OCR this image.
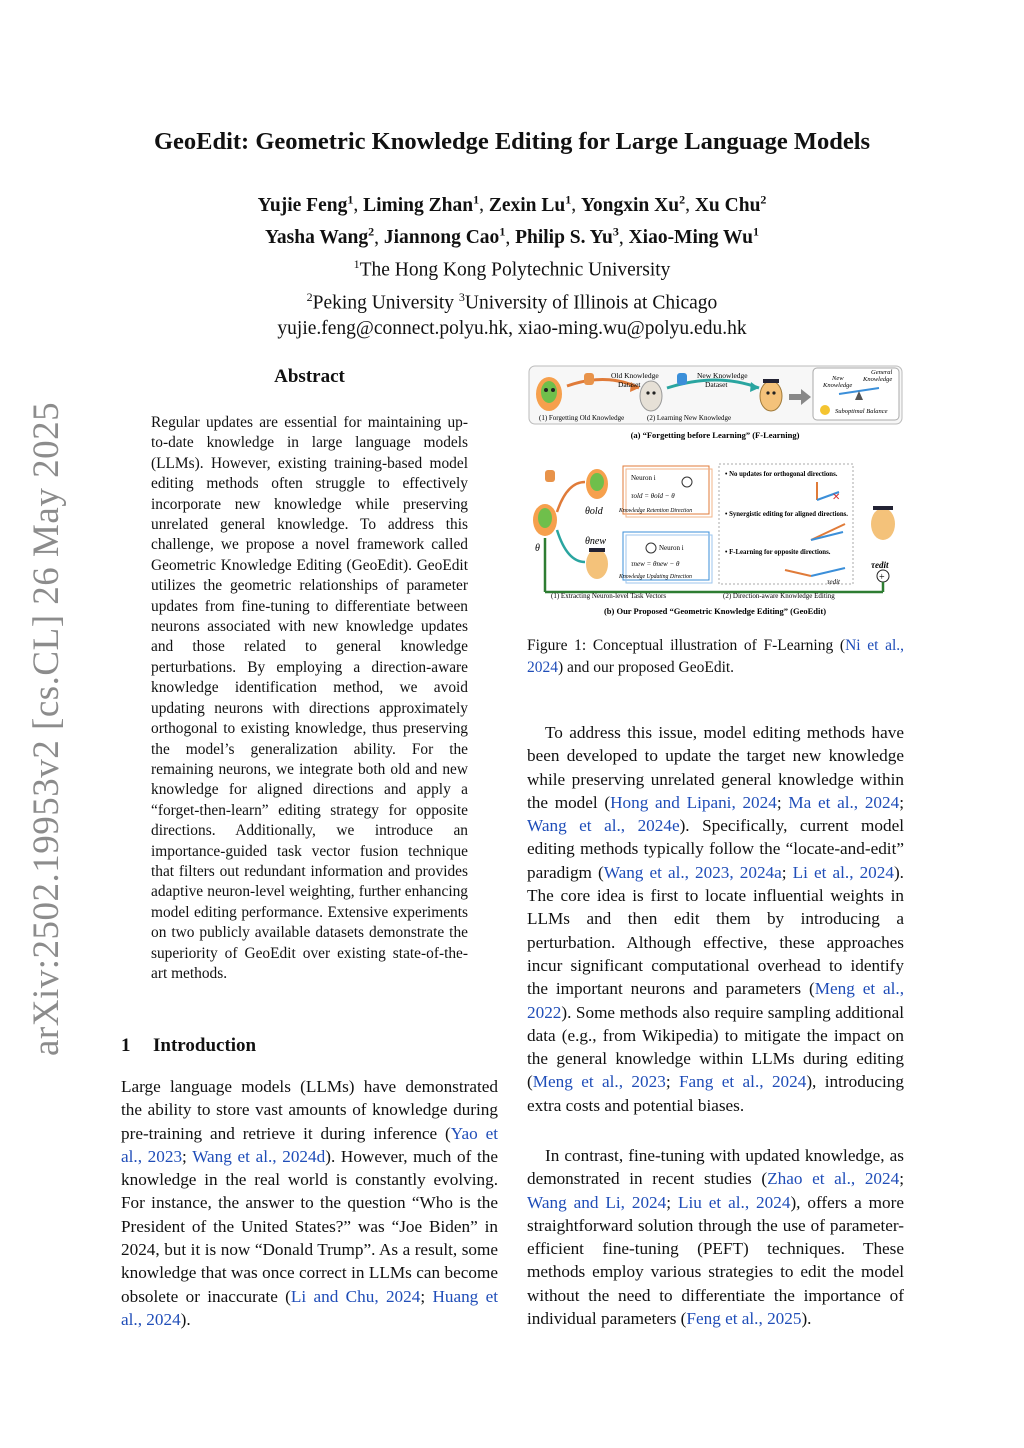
arXiv:2502.19953v2 [cs.CL] 26 May 2025
GeoEdit: Geometric Knowledge Editing for Large Language Models
Yujie Feng$^1$, Liming Zhan$^1$, Zexin Lu$^1$, Yongxin Xu$^2$, Xu Chu$^2$
Yasha Wang$^2$, Jiannong Cao$^1$, Philip S. Yu$^3$, Xiao-Ming Wu$^1$
$^1$The Hong Kong Polytechnic University
$^2$Peking University $^3$University of Illinois at Chicago
yujie.feng@connect.polyu.hk, xiao-ming.wu@polyu.edu.hk
Abstract
Regular updates are essential for maintaining up-to-date knowledge in large language models (LLMs). However, existing training-based model editing methods often struggle to effectively incorporate new knowledge while preserving unrelated general knowledge. To address this challenge, we propose a novel framework called Geometric Knowledge Editing (GeoEdit). GeoEdit utilizes the geometric relationships of parameter updates from fine-tuning to differentiate between neurons associated with new knowledge updates and those related to general knowledge perturbations. By employing a direction-aware knowledge identification method, we avoid updating neurons with directions approximately orthogonal to existing knowledge, thus preserving the model’s generalization ability. For the remaining neurons, we integrate both old and new knowledge for aligned directions and apply a “forget-then-learn” editing strategy for opposite directions. Additionally, we introduce an importance-guided task vector fusion technique that filters out redundant information and provides adaptive neuron-level weighting, further enhancing model editing performance. Extensive experiments on two publicly available datasets demonstrate the superiority of GeoEdit over existing state-of-the-art methods.
1 Introduction

Large language models (LLMs) have demonstrated the ability to store vast amounts of knowledge during pre-training and retrieve it during inference (Yao et al., 2023; Wang et al., 2024d). However, much of the knowledge in the real world is constantly evolving. For instance, the answer to the question “Who is the President of the United States?” was “Joe Biden” in 2024, but it is now “Donald Trump”. As a result, some knowledge that was once correct in LLMs can become obsolete or inaccurate (Li and Chu, 2024; Huang et al., 2024).

Old Knowledge Dataset
New Knowledge Dataset
(1) Forgetting Old Knowledge	(2) Learning New Knowledge
New Knowledge
General Knowledge
Suboptimal Balance
(a) “Forgetting before Learning” (F-Learning)
θ
θold
θnew
Neuron i
τold = θold − θ
Knowledge Retention Direction
Neuron i
τnew = θnew − θ
Knowledge Updating Direction
• No updates for orthogonal directions.
• Synergistic editing for aligned directions.
• F-Learning for opposite directions.
✕
τedit
τedit
+
(1) Extracting Neuron-level Task Vectors	(2) Direction-aware Knowledge Editing
(b) Our Proposed “Geometric Knowledge Editing” (GeoEdit)
Figure 1: Conceptual illustration of F-Learning (Ni et al., 2024) and our proposed GeoEdit.

To address this issue, model editing methods have been developed to update the target new knowledge while preserving unrelated general knowledge within the model (Hong and Lipani, 2024; Ma et al., 2024; Wang et al., 2024e). Specifically, current model editing methods typically follow the “locate-and-edit” paradigm (Wang et al., 2023, 2024a; Li et al., 2024). The core idea is first to locate influential weights in LLMs and then edit them by introducing a perturbation. Although effective, these approaches incur significant computational overhead to identify the important neurons and parameters (Meng et al., 2022). Some methods also require sampling additional data (e.g., from Wikipedia) to mitigate the impact on the general knowledge within LLMs during editing (Meng et al., 2023; Fang et al., 2024), introducing extra costs and potential biases.

In contrast, fine-tuning with updated knowledge, as demonstrated in recent studies (Zhao et al., 2024; Wang and Li, 2024; Liu et al., 2024), offers a more straightforward solution through the use of parameter-efficient fine-tuning (PEFT) techniques. These methods employ various strategies to edit the model without the need to differentiate the importance of individual parameters (Feng et al., 2025).
